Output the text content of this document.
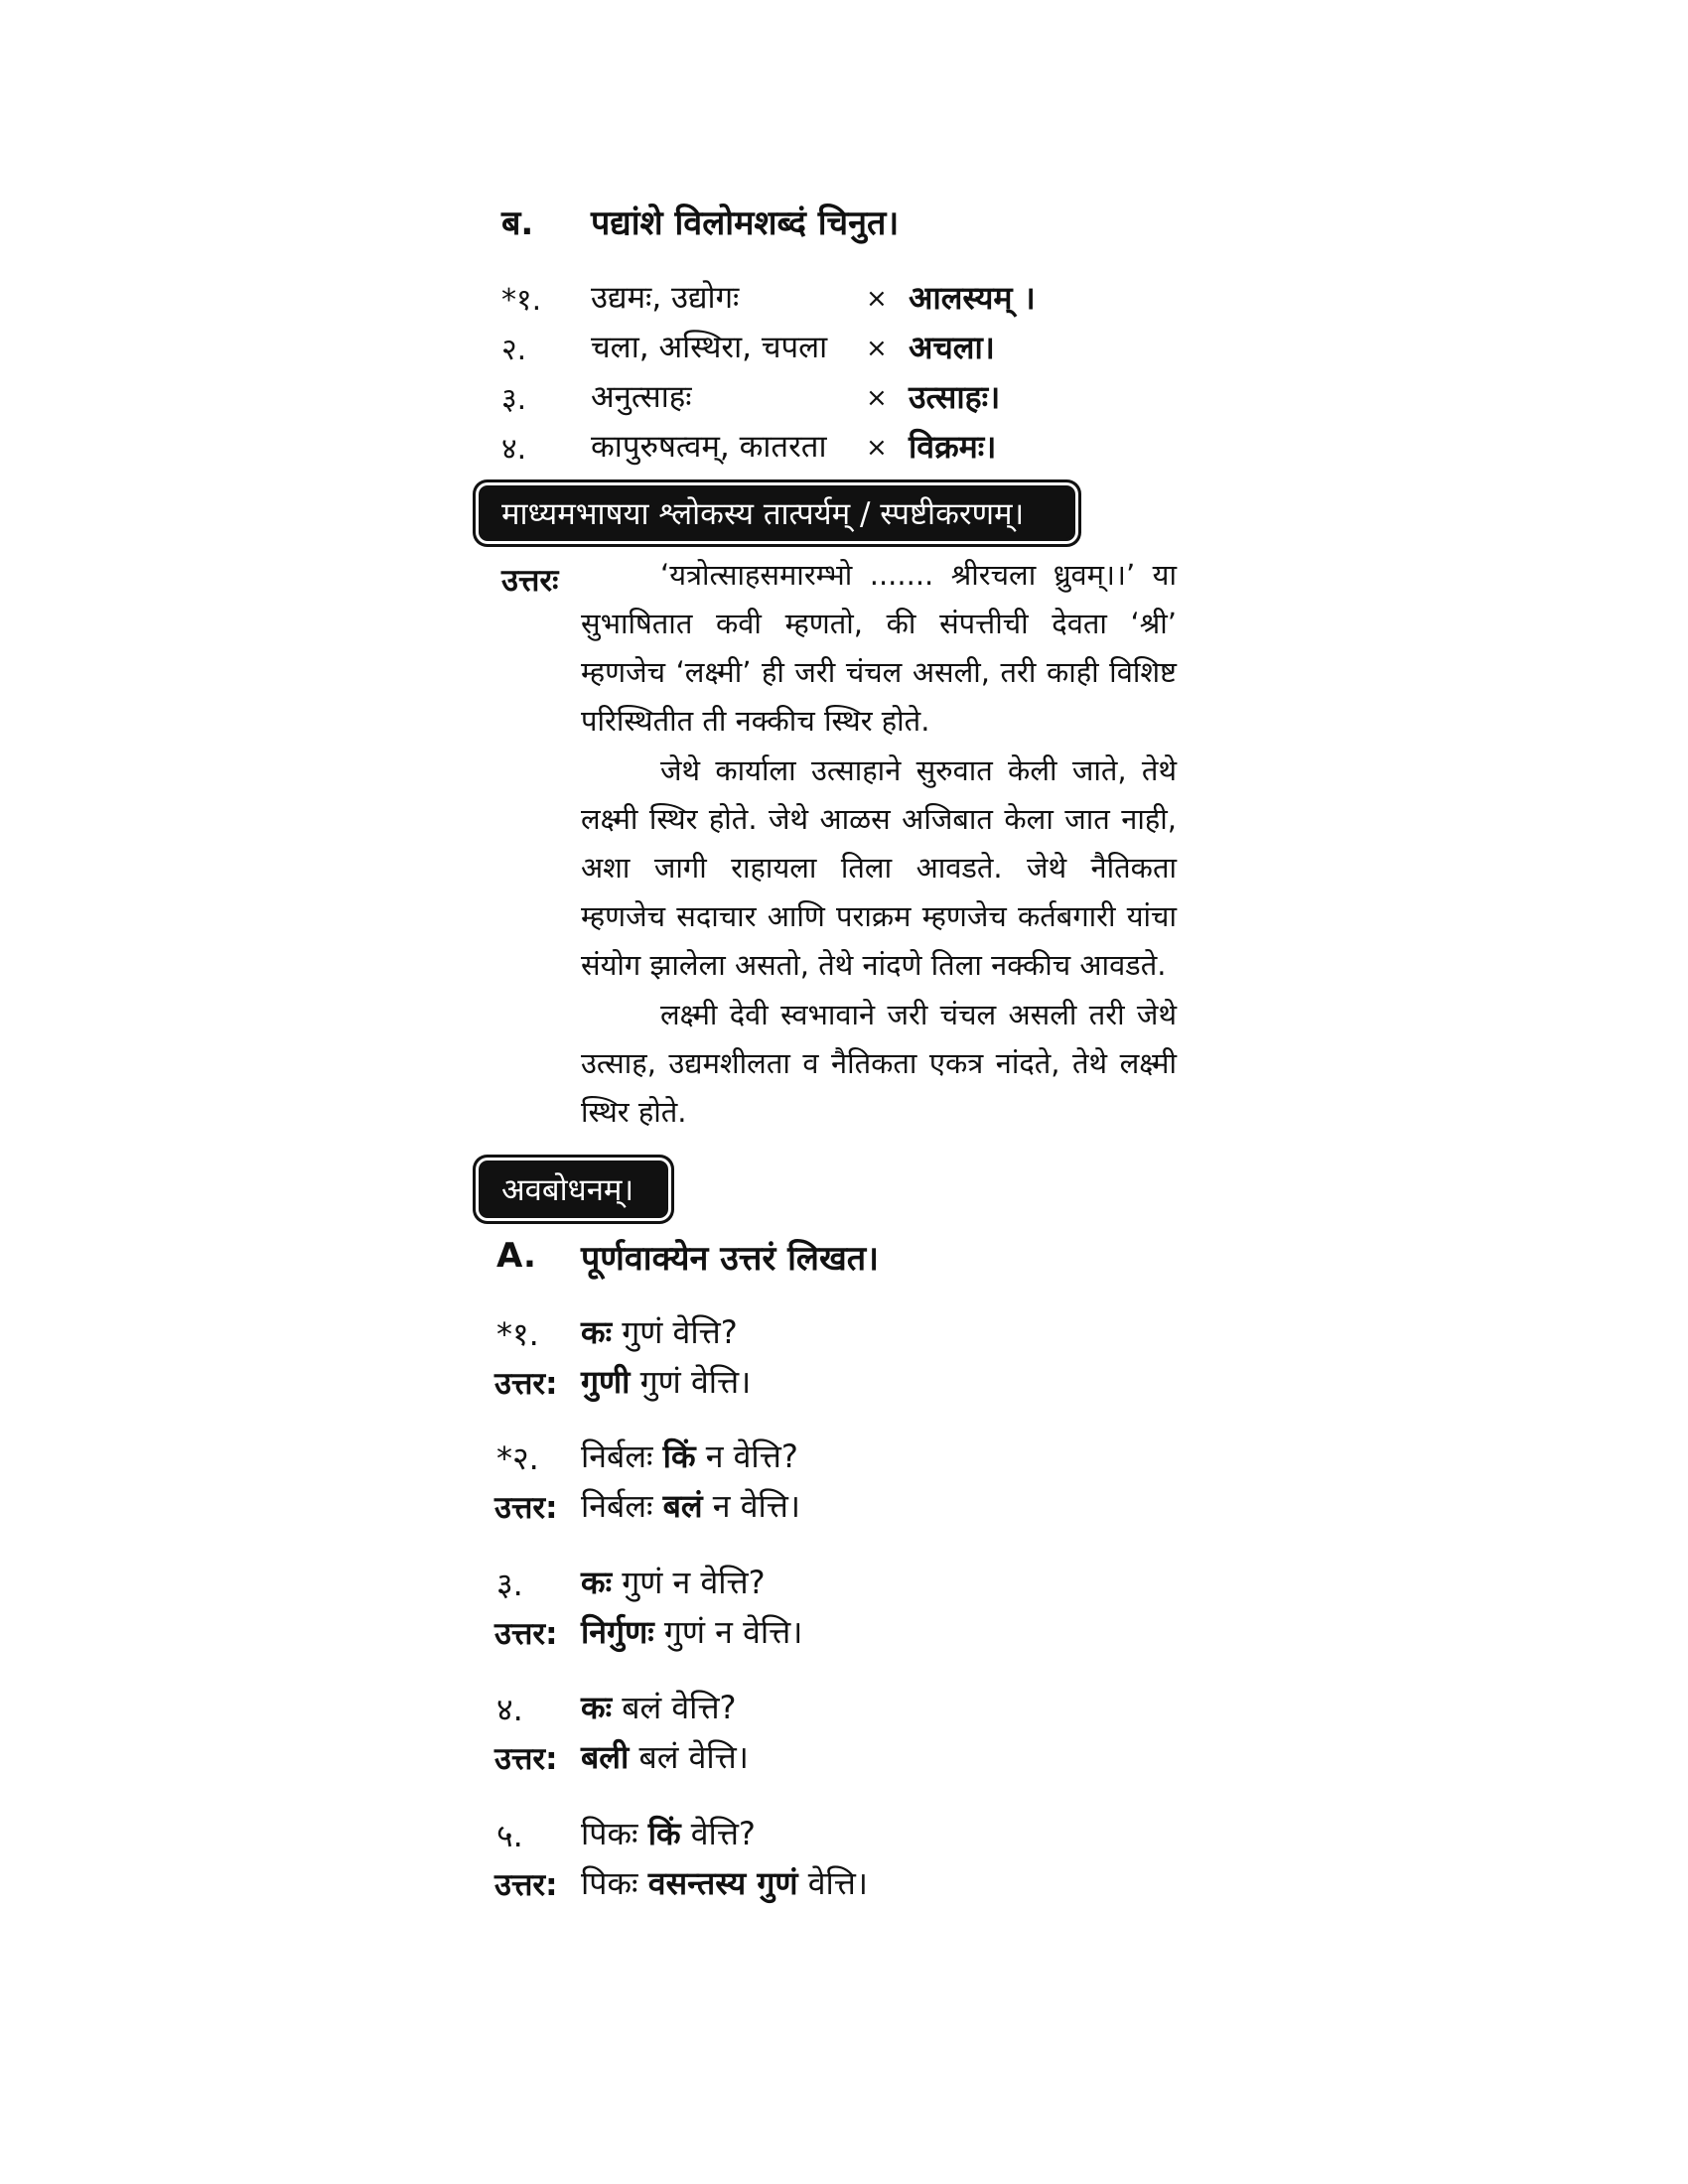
ब. पद्यांशे विलोमशब्दं चिनुत।
*१. उद्यमः, उद्योगः	× आलस्यम् ।
२. चला, अस्थिरा, चपला × अचला।
३. अनुत्साहः	× उत्साहः।
४. कापुरुषत्वम्, कातरता × विक्रमः।
माध्यमभाषया श्लोकस्य तात्पर्यम् / स्पष्टीकरणम्।
उत्तरः	‘यत्रोत्साहसमारम्भो ....... श्रीरचला ध्रुवम्।।’ या सुभाषितात कवी म्हणतो, की संपत्तीची देवता ‘श्री’ म्हणजेच ‘लक्ष्मी’ ही जरी चंचल असली, तरी काही विशिष्ट परिस्थितीत ती नक्कीच स्थिर होते.

जेथे कार्याला उत्साहाने सुरुवात केली जाते, तेथे लक्ष्मी स्थिर होते. जेथे आळस अजिबात केला जात नाही, अशा जागी राहायला तिला आवडते. जेथे नैतिकता म्हणजेच सदाचार आणि पराक्रम म्हणजेच कर्तबगारी यांचा संयोग झालेला असतो, तेथे नांदणे तिला नक्कीच आवडते.

लक्ष्मी देवी स्वभावाने जरी चंचल असली तरी जेथे उत्साह, उद्यमशीलता व नैतिकता एकत्र नांदते, तेथे लक्ष्मी स्थिर होते.

अवबोधनम्।
A. पूर्णवाक्येन उत्तरं लिखत।
*१. कः गुणं वेत्ति?
उत्तर: गुणी गुणं वेत्ति।
*२. निर्बलः किं न वेत्ति?
उत्तर: निर्बलः बलं न वेत्ति।
३. कः गुणं न वेत्ति?
उत्तर: निर्गुणः गुणं न वेत्ति।
४. कः बलं वेत्ति?
उत्तर: बली बलं वेत्ति।
५. पिकः किं वेत्ति?
उत्तर: पिकः वसन्तस्य गुणं वेत्ति।
